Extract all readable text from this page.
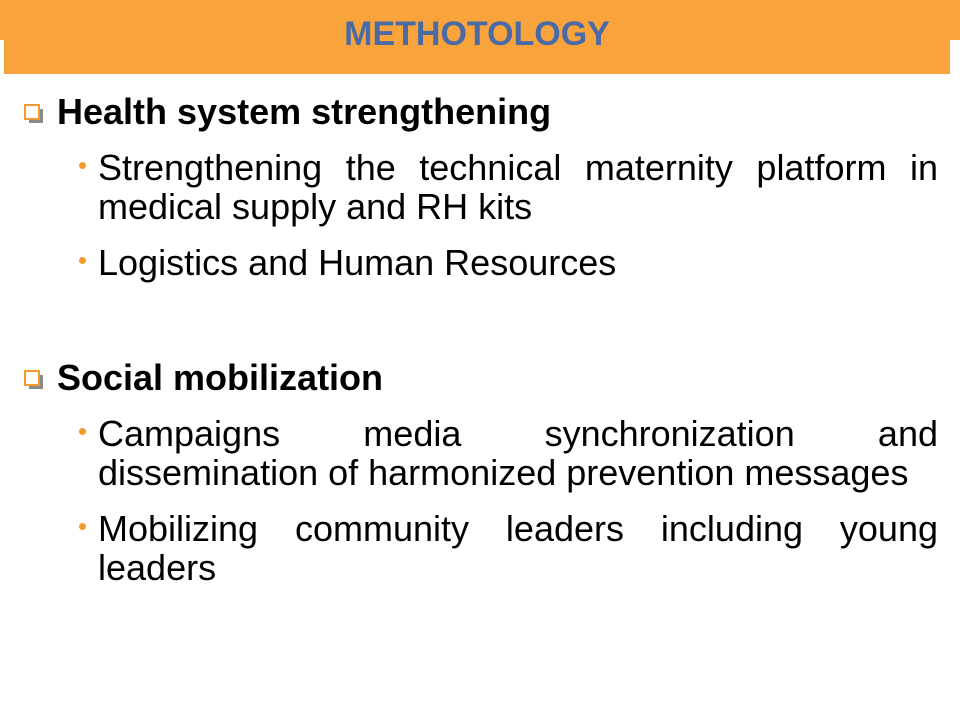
METHOTOLOGY
Health system strengthening
Strengthening the technical maternity platform in medical supply and RH kits
Logistics and Human Resources
Social mobilization
Campaigns media synchronization and dissemination of harmonized prevention messages
Mobilizing community leaders including young leaders
